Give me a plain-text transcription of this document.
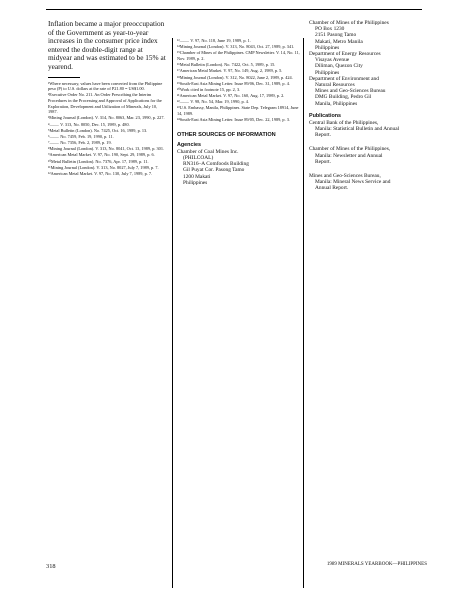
Inflation became a major preoccupation of the Government as year-to-year increases in the consumer price index entered the double-digit range at midyear and was estimated to be 15% at yearend.

¹Where necessary, values have been converted from the Philippine peso (P) to U.S. dollars at the rate of P21.80 = US$1.00.

²Executive Order No. 211. An Order Prescribing the Interim Procedures in the Processing and Approval of Applications for the Exploration, Development and Utilization of Minerals, July 10, 1987.

³Mining Journal (London). V. 314, No. 8063, Mar. 23, 1990, p. 227.

⁴——. V. 313, No. 8050, Dec. 15, 1989, p. 480.

⁵Metal Bulletin (London). No. 7425, Oct. 16, 1989, p. 13.

⁶——. No. 7459, Feb. 19, 1990, p. 11.

⁷——. No. 7356, Feb. 2, 1989, p. 19.

⁸Mining Journal (London). V. 313, No. 8041, Oct. 13, 1989, p. 301.

⁹American Metal Market. V. 97, No. 190, Sept. 29, 1989, p. 6.

¹⁰Metal Bulletin (London). No. 7376, Apr. 17, 1989, p. 11.

¹¹Mining Journal (London). V. 313, No. 8027, July 7, 1989, p. 7.

¹²American Metal Market. V. 97, No. 130, July 7, 1989, p. 7.

¹³——. V. 97, No. 118, June 19, 1989, p. 1.

¹⁴Mining Journal (London). V. 313, No. 8043, Oct. 27, 1989, p. 341.

¹⁵Chamber of Mines of the Philippines. CMP Newsletter. V. 14, No. 11, Nov. 1989, p. 2.

¹⁶Metal Bulletin (London). No. 7422, Oct. 5, 1989, p. 15.

¹⁷American Metal Market. V. 97, No. 149, Aug. 2, 1989, p. 5.

¹⁸Mining Journal (London). V. 312, No. 8022, June 2, 1989, p. 424.

¹⁹South-East Asia Mining Letter. Issue 89/06, Dec. 31, 1989, p. 4.

²⁰Work cited in footnote 15, pp. 2, 3.

²¹American Metal Market. V. 97, No. 160, Aug. 17, 1989, p. 2.

²²——. V. 98, No. 54, Mar. 19, 1990, p. 4.

²³U.S. Embassy, Manila, Philippines. State Dep. Telegram 18914, June 14, 1989.

²⁴South-East Asia Mining Letter. Issue 89/05, Dec. 22, 1989, p. 3.

OTHER SOURCES OF INFORMATION
Agencies
Chamber of Coal Mines Inc.
(PHILCOAL)
RN316–A Comfoods Building
Gil Puyat Cor. Pasong Tamo
1200 Makati
Philippines
Chamber of Mines of the Philippines
PO Box 1230
2151 Pasong Tamo
Makati, Metro Manila
Philippines
Department of Energy Resources
Visayas Avenue
Diliman, Quezon City
Philippines
Department of Environment and
Natural Resources
Mines and Geo-Sciences Bureau
DMG Building, Pedro Gil
Manila, Philippines
Publications
Central Bank of the Philippines,
Manila: Statistical Bulletin and Annual
Report.
Chamber of Mines of the Philippines,
Manila: Newsletter and Annual
Report.
Mines and Geo-Sciences Bureau,
Manila: Mineral News Service and
Annual Report.
318	1989 MINERALS YEARBOOK—PHILIPPINES
